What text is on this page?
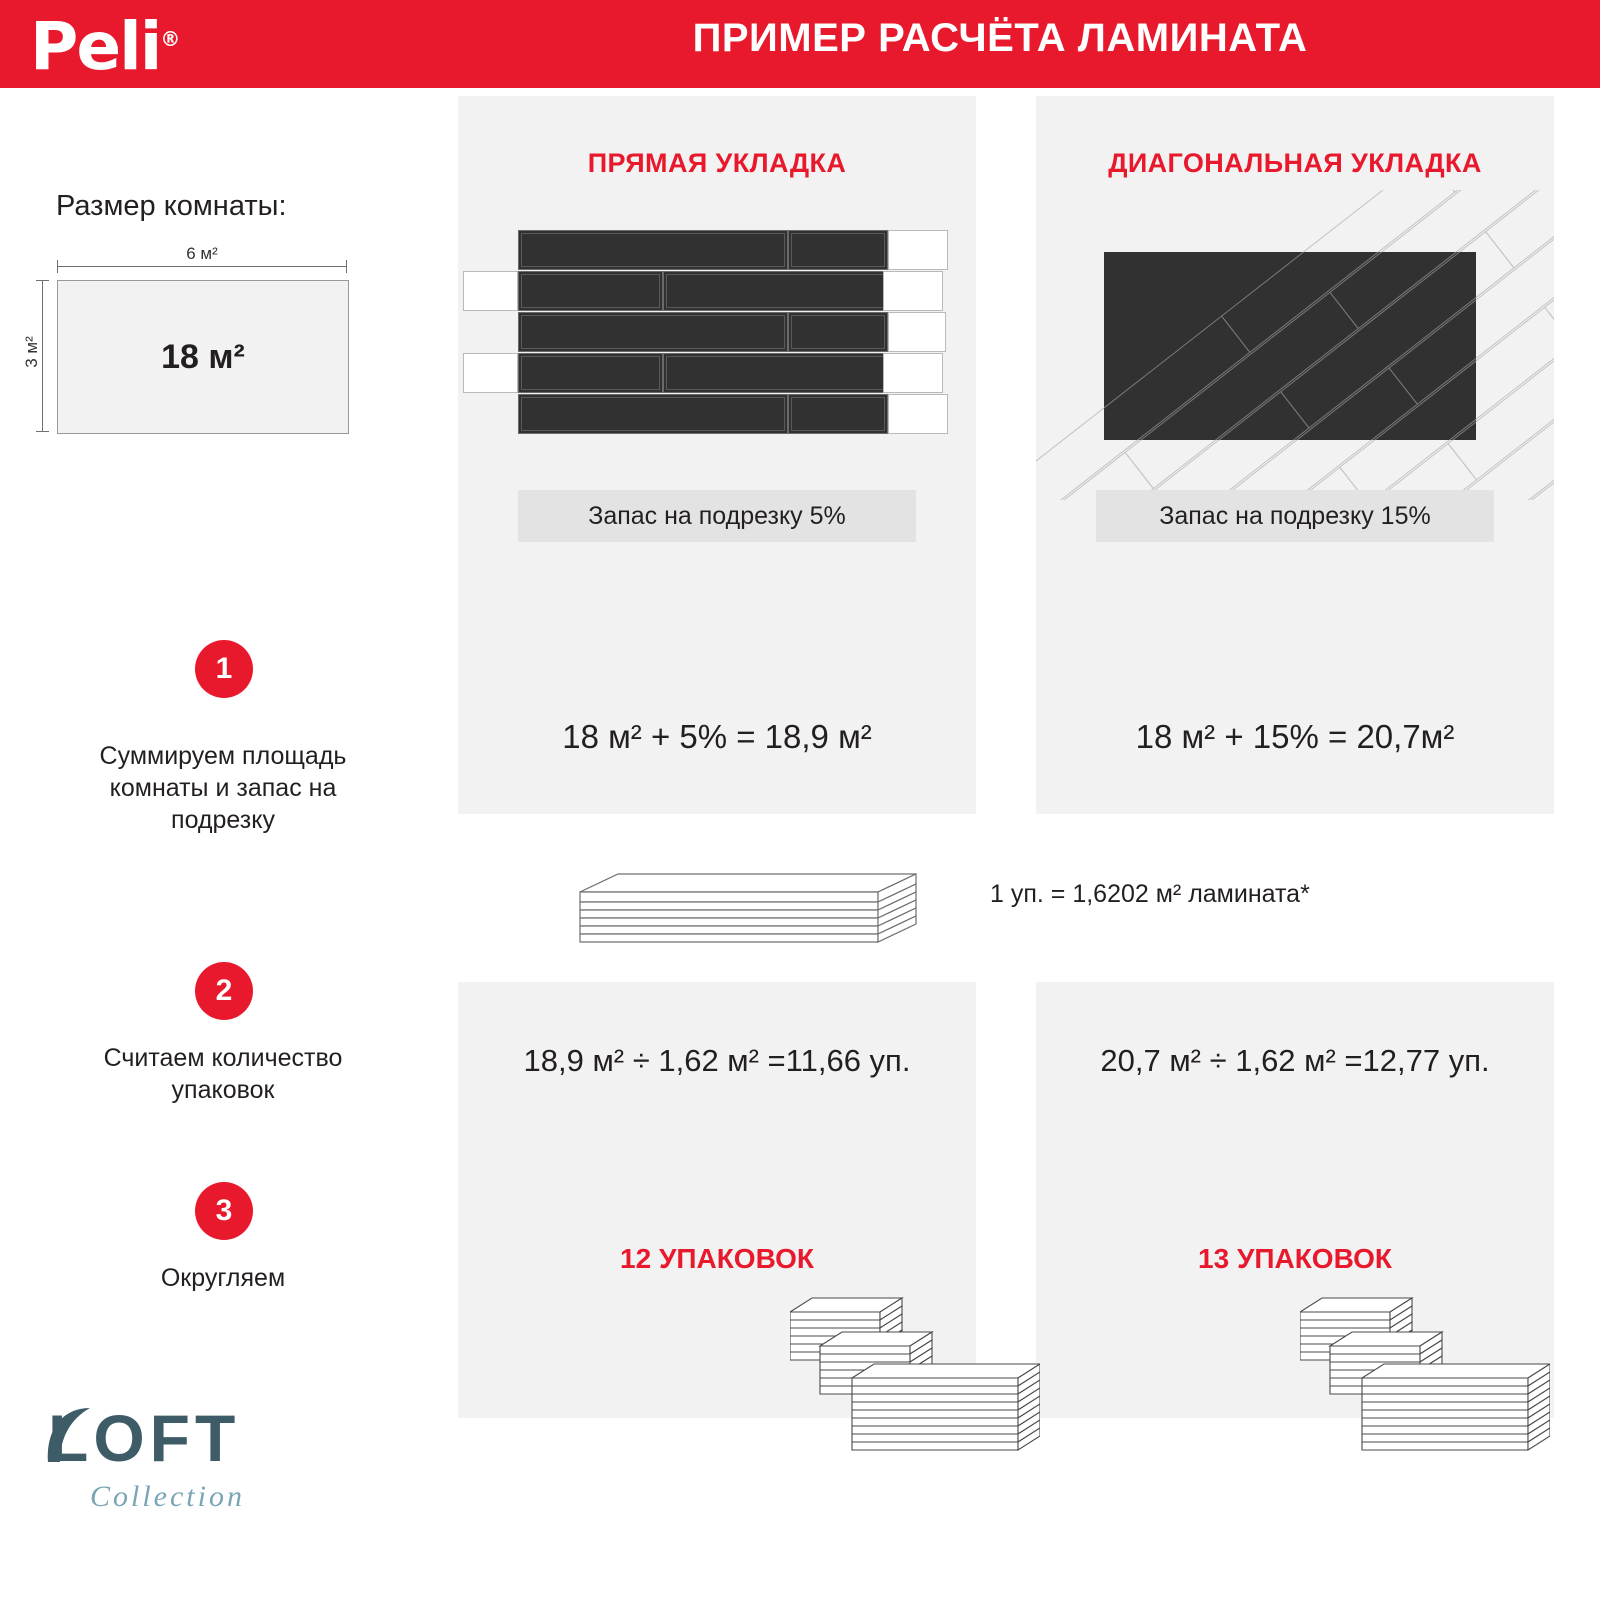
Peli®	ПРИМЕР РАСЧЁТА ЛАМИНАТА
ПРЯМАЯ УКЛАДКА	ДИАГОНАЛЬНАЯ УКЛАДКА
Размер комнаты:
6 м²
3 м²	18 м²
Запас на подрезку 5%	Запас на подрезку 15%
1
Суммируем площадь комнаты и запас на подрезку
2
Считаем количество упаковок
3
Округляем
18 м² + 5% = 18,9 м²	18 м² + 15% = 20,7м²
18,9 м² ÷ 1,62 м² =11,66 уп.	20,7 м² ÷ 1,62 м² =12,77 уп.
12 УПАКОВОК	13 УПАКОВОК
1 уп. = 1,6202 м² ламината*
LOFT
Collection
